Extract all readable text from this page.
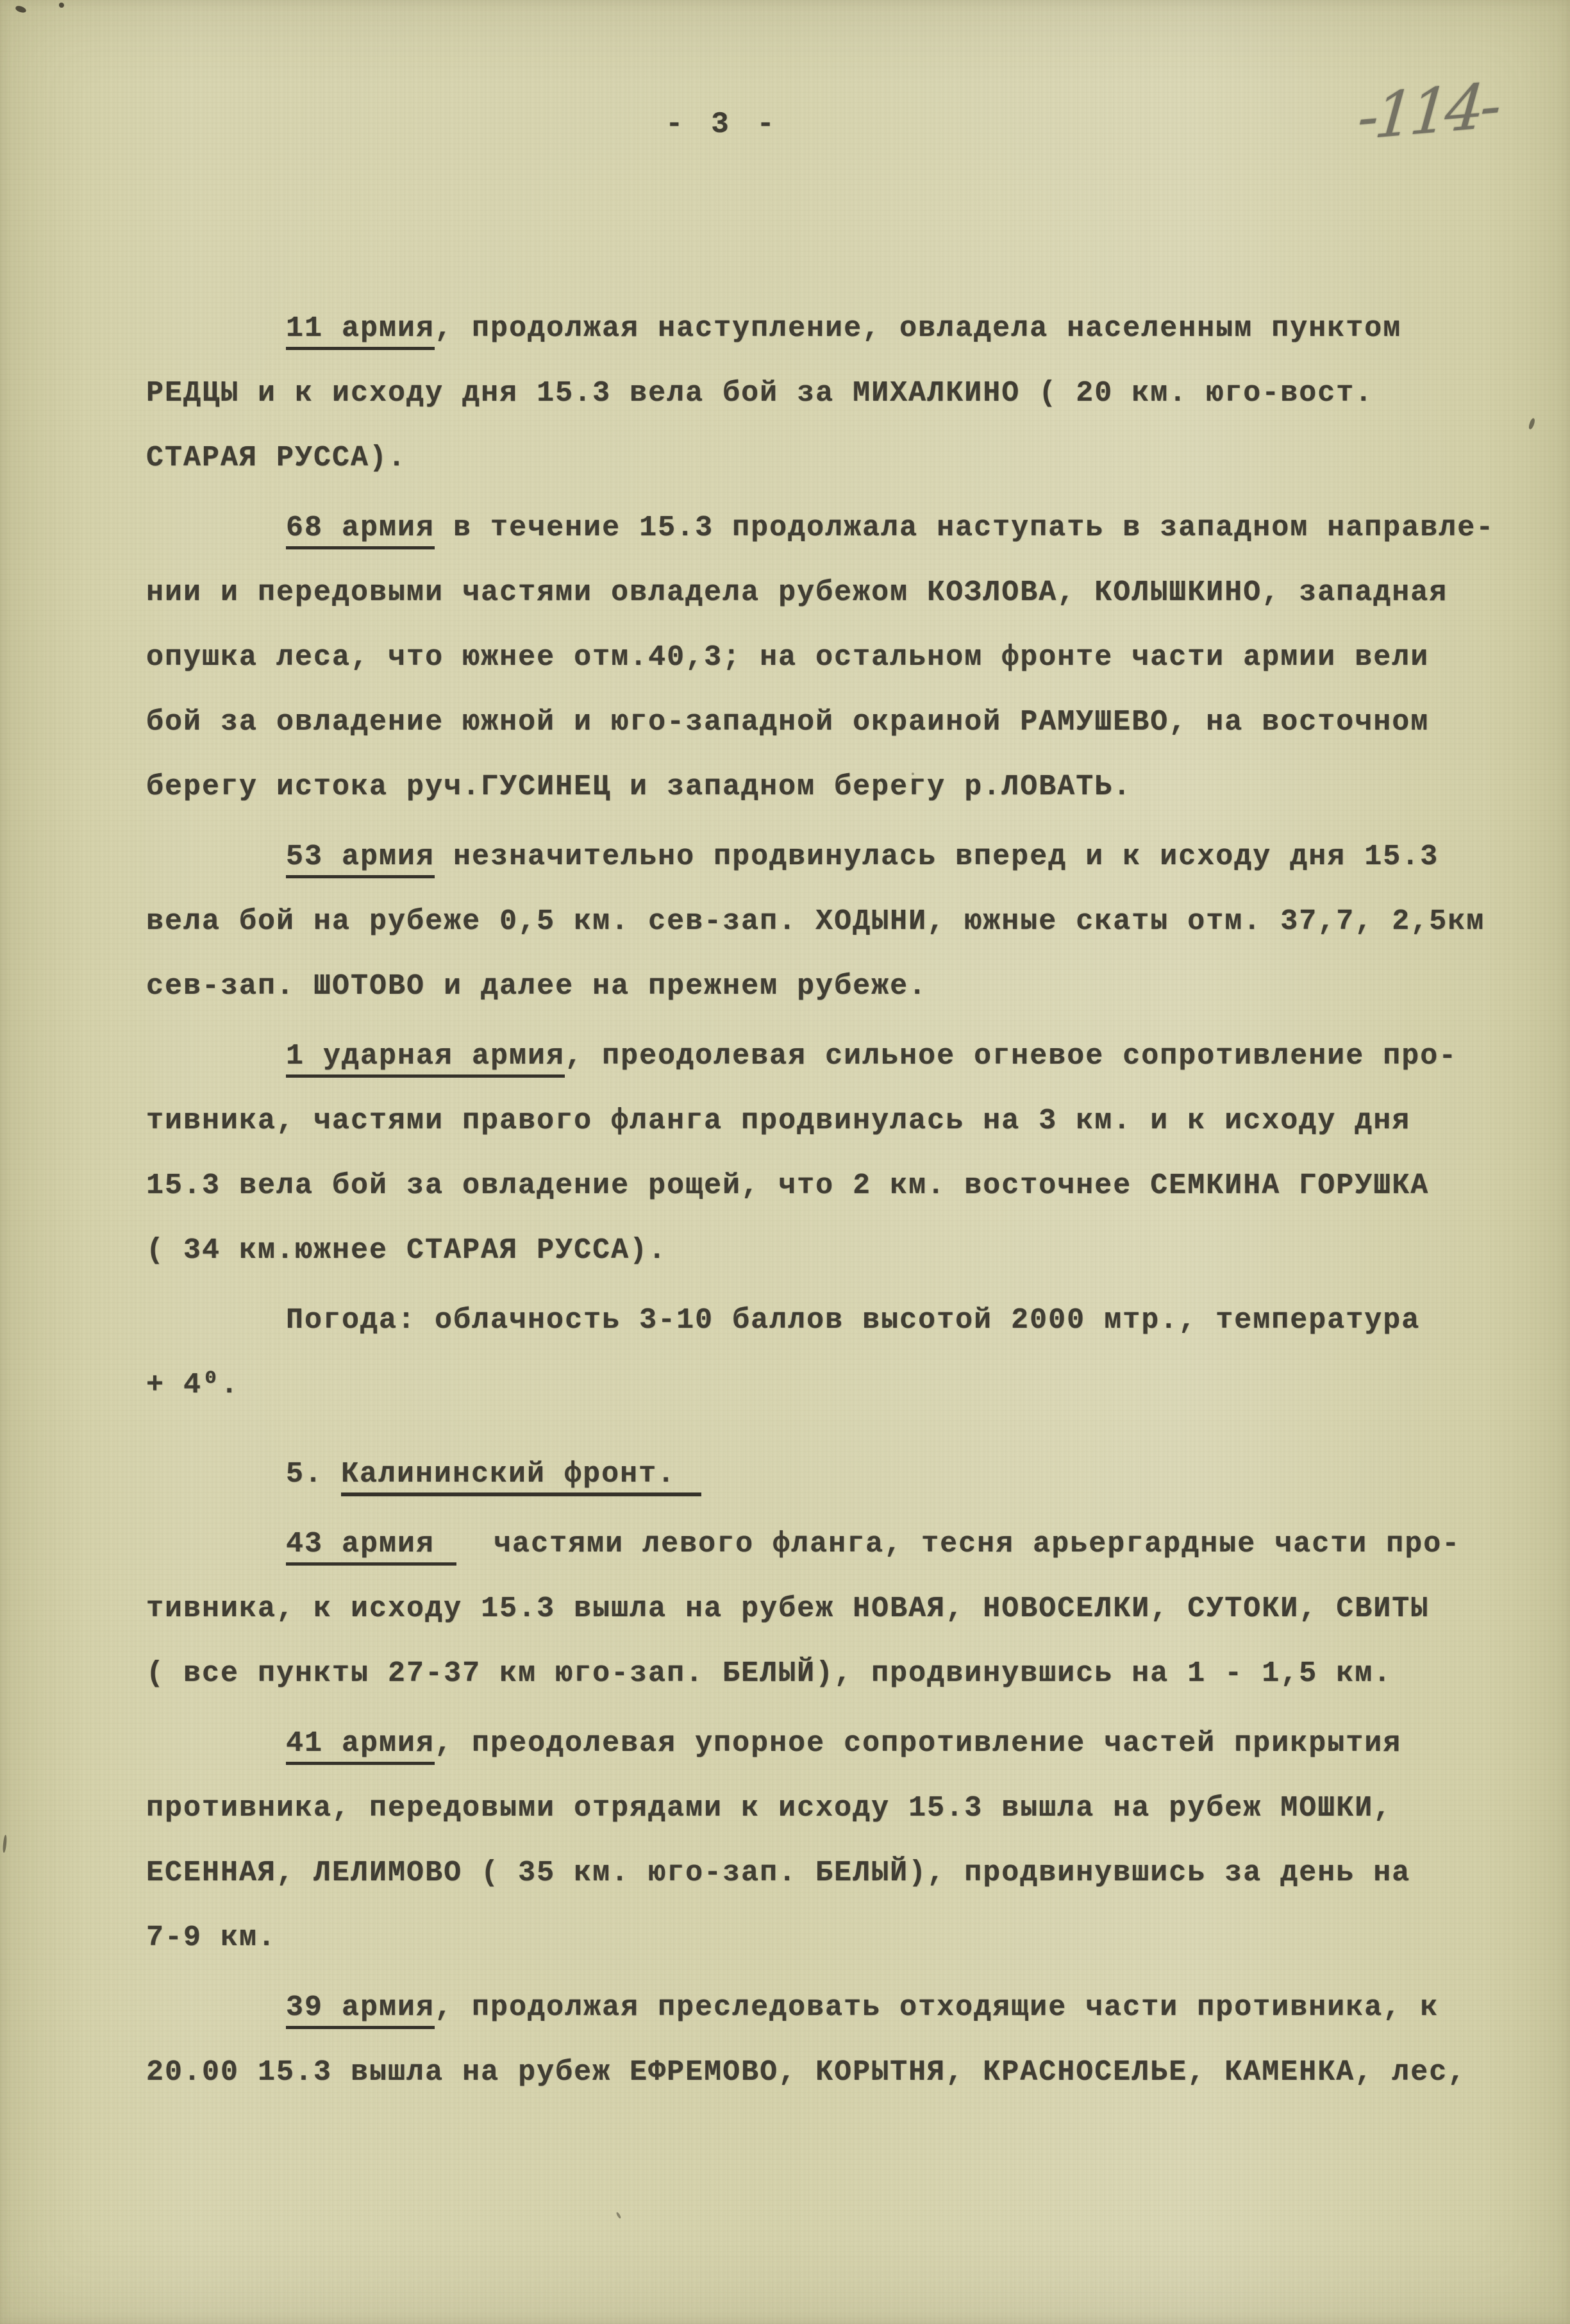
- 3 -	-114-

11 армия, продолжая наступление, овладела населенным пунктом
РЕДЦЫ и к исходу дня 15.3 вела бой за МИХАЛКИНО ( 20 км. юго-вост.
СТАРАЯ РУССА).

68 армия в течение 15.3 продолжала наступать в западном направле-
нии и передовыми частями овладела рубежом КОЗЛОВА, КОЛЫШКИНО, западная
опушка леса, что южнее отм.40,3; на остальном фронте части армии вели
бой за овладение южной и юго-западной окраиной РАМУШЕВО, на восточном
берегу истока руч.ГУСИНЕЦ и западном берегу р.ЛОВАТЬ.

53 армия незначительно продвинулась вперед и к исходу дня 15.3
вела бой на рубеже 0,5 км. сев-зап. ХОДЫНИ, южные скаты отм. 37,7, 2,5км
сев-зап. ШОТОВО и далее на прежнем рубеже.

1 ударная армия, преодолевая сильное огневое сопротивление про-
тивника, частями правого фланга продвинулась на 3 км. и к исходу дня
15.3 вела бой за овладение рощей, что 2 км. восточнее СЕМКИНА ГОРУШКА
( 34 км.южнее СТАРАЯ РУССА).

Погода: облачность 3-10 баллов высотой 2000 мтр., температура
+ 4⁰.

5. Калининский фронт.

43 армия  частями левого фланга, тесня арьергардные части про-
тивника, к исходу 15.3 вышла на рубеж НОВАЯ, НОВОСЕЛКИ, СУТОКИ, СВИТЫ
( все пункты 27-37 км юго-зап. БЕЛЫЙ), продвинувшись на 1 - 1,5 км.

41 армия, преодолевая упорное сопротивление частей прикрытия
противника, передовыми отрядами к исходу 15.3 вышла на рубеж МОШКИ,
ЕСЕННАЯ, ЛЕЛИМОВО ( 35 км. юго-зап. БЕЛЫЙ), продвинувшись за день на
7-9 км.

39 армия, продолжая преследовать отходящие части противника, к
20.00 15.3 вышла на рубеж ЕФРЕМОВО, КОРЫТНЯ, КРАСНОСЕЛЬЕ, КАМЕНКА, лес,
